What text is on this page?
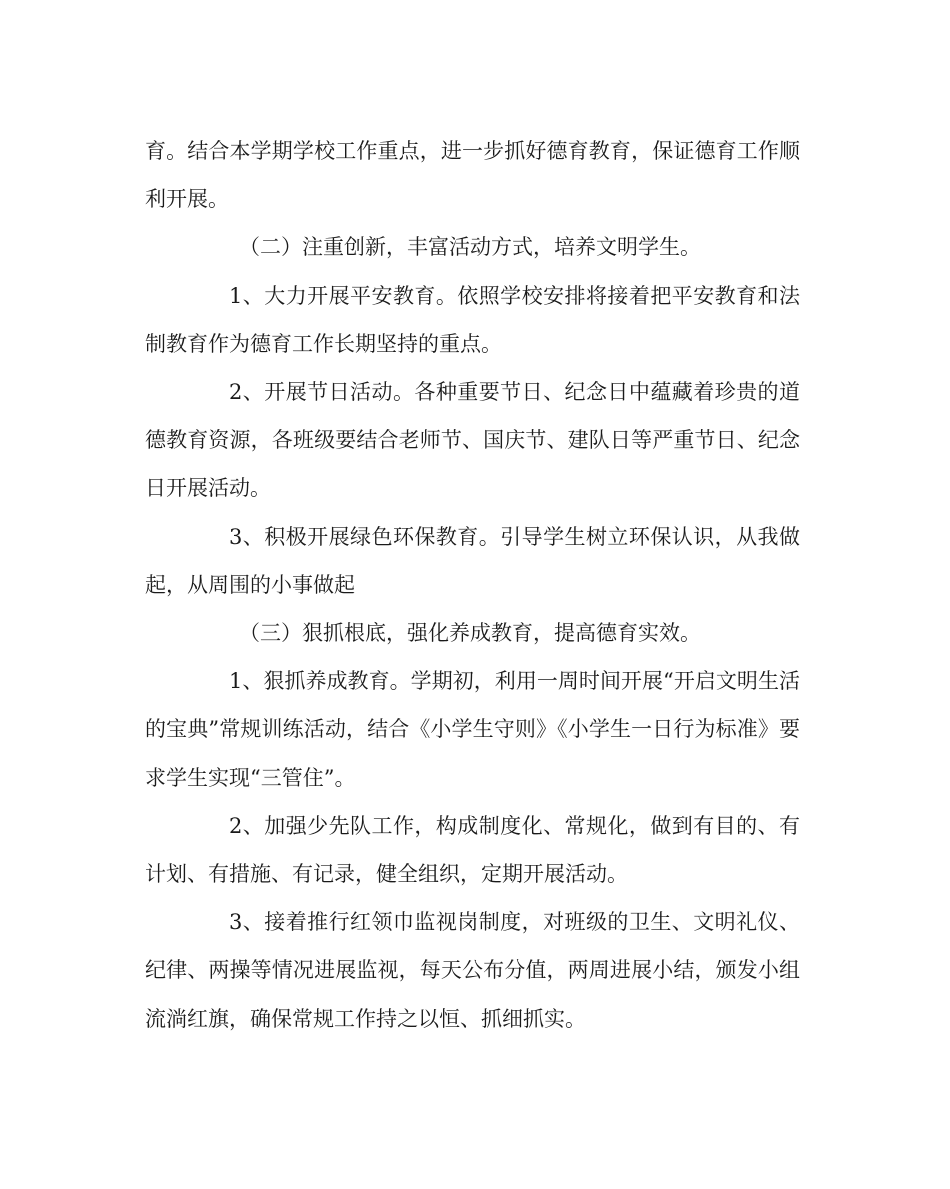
育。结合本学期学校工作重点，进一步抓好德育教育，保证德育工作顺利开展。

（二）注重创新，丰富活动方式，培养文明学生。

1、大力开展平安教育。依照学校安排将接着把平安教育和法制教育作为德育工作长期坚持的重点。

2、开展节日活动。各种重要节日、纪念日中蕴藏着珍贵的道德教育资源，各班级要结合老师节、国庆节、建队日等严重节日、纪念日开展活动。

3、积极开展绿色环保教育。引导学生树立环保认识，从我做起，从周围的小事做起

（三）狠抓根底，强化养成教育，提高德育实效。

1、狠抓养成教育。学期初，利用一周时间开展“开启文明生活的宝典”常规训练活动，结合《小学生守则》《小学生一日行为标准》要求学生实现“三管住”。

2、加强少先队工作，构成制度化、常规化，做到有目的、有计划、有措施、有记录，健全组织，定期开展活动。

3、接着推行红领巾监视岗制度，对班级的卫生、文明礼仪、纪律、两操等情况进展监视，每天公布分值，两周进展小结，颁发小组流淌红旗，确保常规工作持之以恒、抓细抓实。
